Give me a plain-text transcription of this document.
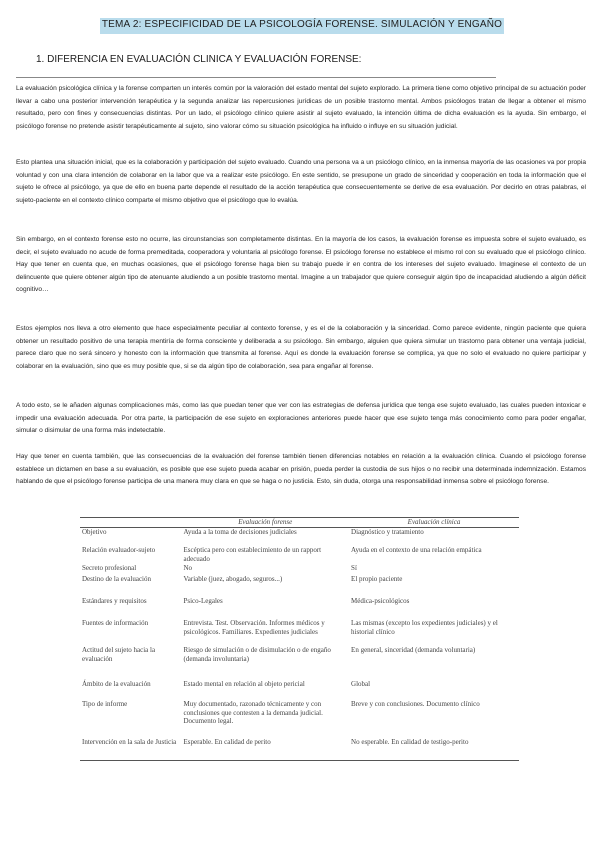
TEMA 2: ESPECIFICIDAD DE LA PSICOLOGÍA FORENSE. SIMULACIÓN Y ENGAÑO
1. DIFERENCIA EN EVALUACIÓN CLINICA Y EVALUACIÓN FORENSE:

La evaluación psicológica clínica y la forense comparten un interés común por la valoración del estado mental del sujeto explorado. La primera tiene como objetivo principal de su actuación poder llevar a cabo una posterior intervención terapéutica y la segunda analizar las repercusiones jurídicas de un posible trastorno mental. Ambos psicólogos tratan de llegar a obtener el mismo resultado, pero con fines y consecuencias distintas. Por un lado, el psicólogo clínico quiere asistir al sujeto evaluado, la intención última de dicha evaluación es la ayuda. Sin embargo, el psicólogo forense no pretende asistir terapéuticamente al sujeto, sino valorar cómo su situación psicológica ha influido o influye en su situación judicial.

Esto plantea una situación inicial, que es la colaboración y participación del sujeto evaluado. Cuando una persona va a un psicólogo clínico, en la inmensa mayoría de las ocasiones va por propia voluntad y con una clara intención de colaborar en la labor que va a realizar este psicólogo. En este sentido, se presupone un grado de sinceridad y cooperación en toda la información que el sujeto le ofrece al psicólogo, ya que de ello en buena parte depende el resultado de la acción terapéutica que consecuentemente se derive de esa evaluación. Por decirlo en otras palabras, el sujeto-paciente en el contexto clínico comparte el mismo objetivo que el psicólogo que lo evalúa.

Sin embargo, en el contexto forense esto no ocurre, las circunstancias son completamente distintas. En la mayoría de los casos, la evaluación forense es impuesta sobre el sujeto evaluado, es decir, el sujeto evaluado no acude de forma premeditada, cooperadora y voluntaria al psicólogo forense. El psicólogo forense no establece el mismo rol con su evaluado que el psicólogo clínico. Hay que tener en cuenta que, en muchas ocasiones, que el psicólogo forense haga bien su trabajo puede ir en contra de los intereses del sujeto evaluado. Imaginese el contexto de un delincuente que quiere obtener algún tipo de atenuante aludiendo a un posible trastorno mental. Imagine a un trabajador que quiere conseguir algún tipo de incapacidad aludiendo a algún déficit cognitivo…

Estos ejemplos nos lleva a otro elemento que hace especialmente peculiar al contexto forense, y es el de la colaboración y la sinceridad. Como parece evidente, ningún paciente que quiera obtener un resultado positivo de una terapia mentiría de forma consciente y deliberada a su psicólogo. Sin embargo, alguien que quiera simular un trastorno para obtener una ventaja judicial, parece claro que no será sincero y honesto con la información que transmita al forense. Aquí es donde la evaluación forense se complica, ya que no solo el evaluado no quiere participar y colaborar en la evaluación, sino que es muy posible que, si se da algún tipo de colaboración, sea para engañar al forense.

A todo esto, se le añaden algunas complicaciones más, como las que puedan tener que ver con las estrategias de defensa jurídica que tenga ese sujeto evaluado, las cuales pueden intoxicar e impedir una evaluación adecuada. Por otra parte, la participación de ese sujeto en exploraciones anteriores puede hacer que ese sujeto tenga más conocimiento como para poder engañar, simular o disimular de una forma más indetectable.

Hay que tener en cuenta también, que las consecuencias de la evaluación del forense también tienen diferencias notables en relación a la evaluación clínica. Cuando el psicólogo forense establece un dictamen en base a su evaluación, es posible que ese sujeto pueda acabar en prisión, pueda perder la custodia de sus hijos o no recibir una determinada indemnización. Estamos hablando de que el psicólogo forense participa de una manera muy clara en que se haga o no justicia. Esto, sin duda, otorga una responsabilidad inmensa sobre el psicólogo forense.

	Evaluación forense	Evaluación clínica
Objetivo	Ayuda a la toma de decisiones judiciales	Diagnóstico y tratamiento
Relación evaluador-sujeto	Escéptica pero con establecimiento de un rapport adecuado	Ayuda en el contexto de una relación empática
Secreto profesional	No	Sí
Destino de la evaluación	Variable (juez, abogado, seguros...)	El propio paciente
Estándares y requisitos	Psico-Legales	Médica-psicológicos
Fuentes de información	Entrevista. Test. Observación. Informes médicos y psicológicos. Familiares. Expedientes judiciales	Las mismas (excepto los expedientes judiciales) y el historial clínico
Actitud del sujeto hacia la evaluación	Riesgo de simulación o de disimulación o de engaño (demanda involuntaria)	En general, sinceridad (demanda voluntaria)
Ámbito de la evaluación	Estado mental en relación al objeto pericial	Global
Tipo de informe	Muy documentado, razonado técnicamente y con conclusiones que contesten a la demanda judicial. Documento legal.	Breve y con conclusiones. Documento clínico
Intervención en la sala de Justicia	Esperable. En calidad de perito	No esperable. En calidad de testigo-perito
